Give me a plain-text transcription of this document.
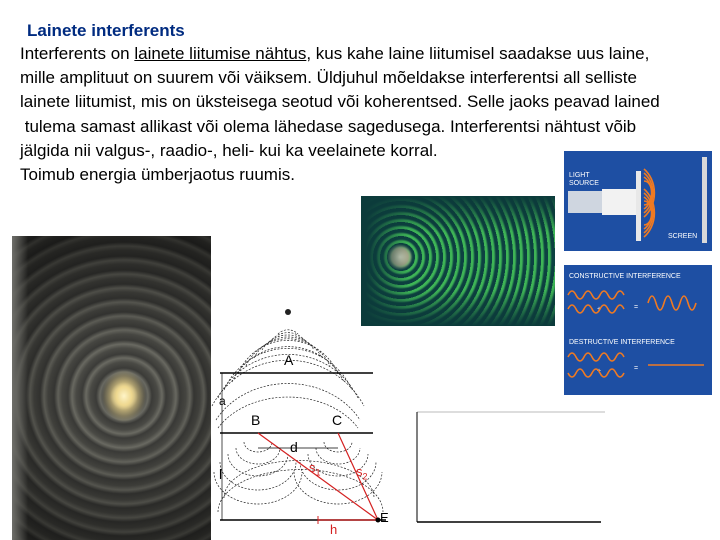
Lainete interferents
Interferents on lainete liitumise nähtus, kus kahe laine liitumisel saadakse uus laine,
mille amplituut on suurem või väiksem. Üldjuhul mõeldakse interferentsi all selliste
lainete liitumist, mis on üksteisega seotud või koherentsed. Selle jaoks peavad lained
tulema samast allikast või olema lähedase sagedusega. Interferentsi nähtust võib
jälgida nii valgus-, raadio-, heli- kui ka veelainete korral.
Toimub energia ümberjaotus ruumis.	LIGHT
SOURCE
SCREEN
CONSTRUCTIVE INTERFERENCE
DESTRUCTIVE INTERFERENCE
+	=
+	=
A
B	C
E
a
l
d
$s_1$	$s_2$
h
